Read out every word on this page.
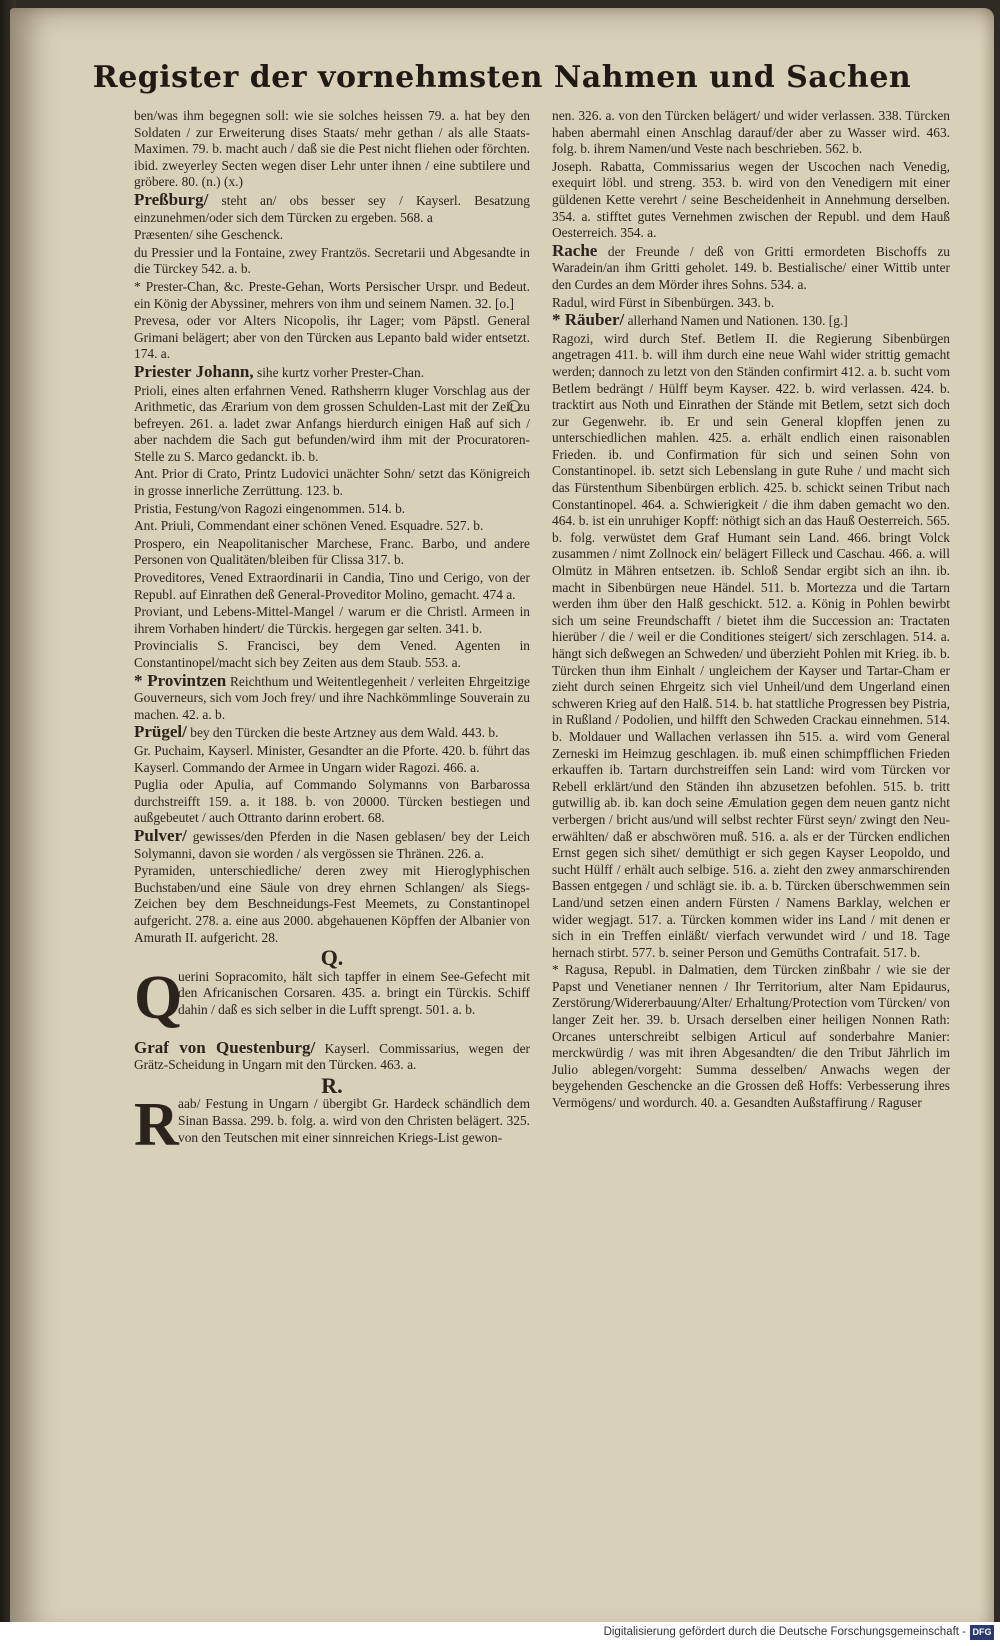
Register der vornehmsten Nahmen und Sachen

ben/was ihm begegnen soll: wie sie solches heissen 79. a. hat bey den Soldaten / zur Erweiterung dises Staats/ mehr gethan / als alle Staats-Maximen. 79. b. macht auch / daß sie die Pest nicht fliehen oder förchten. ibid. zweyerley Secten wegen diser Lehr unter ihnen / eine subtilere und gröbere. 80. (n.) (x.)

Preßburg/ steht an/ obs besser sey / Kayserl. Besatzung einzunehmen/oder sich dem Türcken zu ergeben. 568. a

Præsenten/ sihe Geschenck.

du Pressier und la Fontaine, zwey Frantzös. Secretarii und Abgesandte in die Türckey 542. a. b.

* Prester-Chan, &c. Preste-Gehan, Worts Persischer Urspr. und Bedeut. ein König der Abyssiner, mehrers von ihm und seinem Namen. 32. [o.]

Prevesa, oder vor Alters Nicopolis, ihr Lager; vom Päpstl. General Grimani belägert; aber von den Türcken aus Lepanto bald wider entsetzt. 174. a.

Priester Johann, sihe kurtz vorher Prester-Chan.

Prioli, eines alten erfahrnen Vened. Rathsherrn kluger Vorschlag aus der Arithmetic, das Ærarium von dem grossen Schulden-Last mit der Zeit zu befreyen. 261. a. ladet zwar Anfangs hierdurch einigen Haß auf sich / aber nachdem die Sach gut befunden/wird ihm mit der Procuratoren-Stelle zu S. Marco gedanckt. ib. b.

Ant. Prior di Crato, Printz Ludovici unächter Sohn/ setzt das Königreich in grosse innerliche Zerrüttung. 123. b.

Pristia, Festung/von Ragozi eingenommen. 514. b.

Ant. Priuli, Commendant einer schönen Vened. Esquadre. 527. b.

Prospero, ein Neapolitanischer Marchese, Franc. Barbo, und andere Personen von Qualitäten/bleiben für Clissa 317. b.

Proveditores, Vened Extraordinarii in Candia, Tino und Cerigo, von der Republ. auf Einrathen deß General-Proveditor Molino, gemacht. 474 a.

Proviant, und Lebens-Mittel-Mangel / warum er die Christl. Armeen in ihrem Vorhaben hindert/ die Türckis. hergegen gar selten. 341. b.

Provincialis S. Francisci, bey dem Vened. Agenten in Constantinopel/macht sich bey Zeiten aus dem Staub. 553. a.

* Provintzen Reichthum und Weitentlegenheit / verleiten Ehrgeitzige Gouverneurs, sich vom Joch frey/ und ihre Nachkömmlinge Souverain zu machen. 42. a. b.

Prügel/ bey den Türcken die beste Artzney aus dem Wald. 443. b.

Gr. Puchaim, Kayserl. Minister, Gesandter an die Pforte. 420. b. führt das Kayserl. Commando der Armee in Ungarn wider Ragozi. 466. a.

Puglia oder Apulia, auf Commando Solymanns von Barbarossa durchstreifft 159. a. it 188. b. von 20000. Türcken bestiegen und außgebeutet / auch Ottranto darinn erobert. 68.

Pulver/ gewisses/den Pferden in die Nasen geblasen/ bey der Leich Solymanni, davon sie worden / als vergössen sie Thränen. 226. a.

Pyramiden, unterschiedliche/ deren zwey mit Hieroglyphischen Buchstaben/und eine Säule von drey ehrnen Schlangen/ als Siegs-Zeichen bey dem Beschneidungs-Fest Meemets, zu Constantinopel aufgericht. 278. a. eine aus 2000. abgehauenen Köpffen der Albanier von Amurath II. aufgericht. 28.

Q.
Q
uerini Sopracomito, hält sich tapffer in einem See-Gefecht mit den Africanischen Corsaren. 435. a. bringt ein Türckis. Schiff dahin / daß es sich selber in die Lufft sprengt. 501. a. b.

Graf von Questenburg/ Kayserl. Commissarius, wegen der Grätz-Scheidung in Ungarn mit den Türcken. 463. a.

R.
R aab/ Festung in Ungarn / übergibt Gr. Hardeck schändlich dem Sinan Bassa. 299. b. folg. a. wird von den Christen belägert. 325. von den Teutschen mit einer sinnreichen Kriegs-List gewon-

nen. 326. a. von den Türcken belägert/ und wider verlassen. 338. Türcken haben abermahl einen Anschlag darauf/der aber zu Wasser wird. 463. folg. b. ihrem Namen/und Veste nach beschrieben. 562. b.

Joseph. Rabatta, Commissarius wegen der Uscochen nach Venedig, exequirt löbl. und streng. 353. b. wird von den Venedigern mit einer güldenen Kette verehrt / seine Bescheidenheit in Annehmung derselben. 354. a. stifftet gutes Vernehmen zwischen der Republ. und dem Hauß Oesterreich. 354. a.

Rache der Freunde / deß von Gritti ermordeten Bischoffs zu Waradein/an ihm Gritti geholet. 149. b. Bestialische/ einer Wittib unter den Curdes an dem Mörder ihres Sohns. 534. a.

Radul, wird Fürst in Sibenbürgen. 343. b.

* Räuber/ allerhand Namen und Nationen. 130. [g.]

Ragozi, wird durch Stef. Betlem II. die Regierung Sibenbürgen angetragen 411. b. will ihm durch eine neue Wahl wider strittig gemacht werden; dannoch zu letzt von den Ständen confirmirt 412. a. b. sucht vom Betlem bedrängt / Hülff beym Kayser. 422. b. wird verlassen. 424. b. tracktirt aus Noth und Einrathen der Stände mit Betlem, setzt sich doch zur Gegenwehr. ib. Er und sein General klopffen jenen zu unterschiedlichen mahlen. 425. a. erhält endlich einen raisonablen Frieden. ib. und Confirmation für sich und seinen Sohn von Constantinopel. ib. setzt sich Lebenslang in gute Ruhe / und macht sich das Fürstenthum Sibenbürgen erblich. 425. b. schickt seinen Tribut nach Constantinopel. 464. a. Schwierigkeit / die ihm daben gemacht wo den. 464. b. ist ein unruhiger Kopff: nöthigt sich an das Hauß Oesterreich. 565. b. folg. verwüstet dem Graf Humant sein Land. 466. bringt Volck zusammen / nimt Zollnock ein/ belägert Filleck und Caschau. 466. a. will Olmütz in Mähren entsetzen. ib. Schloß Sendar ergibt sich an ihn. ib. macht in Sibenbürgen neue Händel. 511. b. Mortezza und die Tartarn werden ihm über den Halß geschickt. 512. a. König in Pohlen bewirbt sich um seine Freundschafft / bietet ihm die Succession an: Tractaten hierüber / die / weil er die Conditiones steigert/ sich zerschlagen. 514. a. hängt sich deßwegen an Schweden/ und überzieht Pohlen mit Krieg. ib. b. Türcken thun ihm Einhalt / ungleichem der Kayser und Tartar-Cham er zieht durch seinen Ehrgeitz sich viel Unheil/und dem Ungerland einen schweren Krieg auf den Halß. 514. b. hat stattliche Progressen bey Pistria, in Rußland / Podolien, und hilfft den Schweden Crackau einnehmen. 514. b. Moldauer und Wallachen verlassen ihn 515. a. wird vom General Zerneski im Heimzug geschlagen. ib. muß einen schimpfflichen Frieden erkauffen ib. Tartarn durchstreiffen sein Land: wird vom Türcken vor Rebell erklärt/und den Ständen ihn abzusetzen befohlen. 515. b. tritt gutwillig ab. ib. kan doch seine Æmulation gegen dem neuen gantz nicht verbergen / bricht aus/und will selbst rechter Fürst seyn/ zwingt den Neu-erwählten/ daß er abschwören muß. 516. a. als er der Türcken endlichen Ernst gegen sich sihet/ demüthigt er sich gegen Kayser Leopoldo, und sucht Hülff / erhält auch selbige. 516. a. zieht den zwey anmarschirenden Bassen entgegen / und schlägt sie. ib. a. b. Türcken überschwemmen sein Land/und setzen einen andern Fürsten / Namens Barklay, welchen er wider wegjagt. 517. a. Türcken kommen wider ins Land / mit denen er sich in ein Treffen einläßt/ vierfach verwundet wird / und 18. Tage hernach stirbt. 577. b. seiner Person und Gemüths Contrafait. 517. b.

* Ragusa, Republ. in Dalmatien, dem Türcken zinßbahr / wie sie der Papst und Venetianer nennen / Ihr Territorium, alter Nam Epidaurus, Zerstörung/Widererbauung/Alter/ Erhaltung/Protection vom Türcken/ von langer Zeit her. 39. b. Ursach derselben einer heiligen Nonnen Rath: Orcanes unterschreibt selbigen Articul auf sonderbahre Manier: merckwürdig / was mit ihren Abgesandten/ die den Tribut Jährlich im Julio ablegen/vorgeht: Summa desselben/ Anwachs wegen der beygehenden Geschencke an die Grossen deß Hoffs: Verbesserung ihres Vermögens/ und wordurch. 40. a. Gesandten Außstaffirung / Raguser

Digitalisierung gefördert durch die Deutsche Forschungsgemeinschaft - DFG
